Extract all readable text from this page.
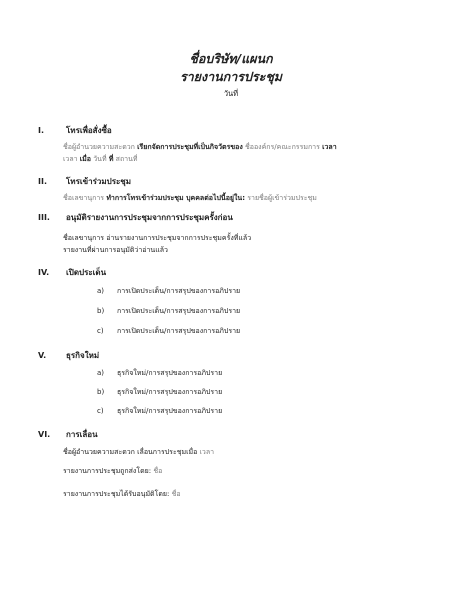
ชื่อบริษัท/แผนก
รายงานการประชุม
วันที่
I.	โทรเพื่อสั่งซื้อ
ชื่อผู้อำนวยความสะดวก เรียกจัดการประชุมที่เป็นกิจวัตรของ ชื่อองค์กร/คณะกรรมการ เวลา
เวลา เมื่อ วันที่ ที่ สถานที่
II. โทรเข้าร่วมประชุม
ชื่อเลขานุการ ทำการโทรเข้าร่วมประชุม บุคคลต่อไปนี้อยู่ใน: รายชื่อผู้เข้าร่วมประชุม
III. อนุมัติรายงานการประชุมจากการประชุมครั้งก่อน
ชื่อเลขานุการ อ่านรายงานการประชุมจากการประชุมครั้งที่แล้ว
รายงานที่ผ่านการอนุมัติว่าอ่านแล้ว
IV. เปิดประเด็น
a) การเปิดประเด็น/การสรุปของการอภิปราย
b) การเปิดประเด็น/การสรุปของการอภิปราย
c) การเปิดประเด็น/การสรุปของการอภิปราย
V. ธุรกิจใหม่
a) ธุรกิจใหม่/การสรุปของการอภิปราย
b) ธุรกิจใหม่/การสรุปของการอภิปราย
c) ธุรกิจใหม่/การสรุปของการอภิปราย
VI. การเลื่อน
ชื่อผู้อำนวยความสะดวก เลื่อนการประชุมเมื่อ เวลา
รายงานการประชุมถูกส่งโดย: ชื่อ
รายงานการประชุมได้รับอนุมัติโดย: ชื่อ
